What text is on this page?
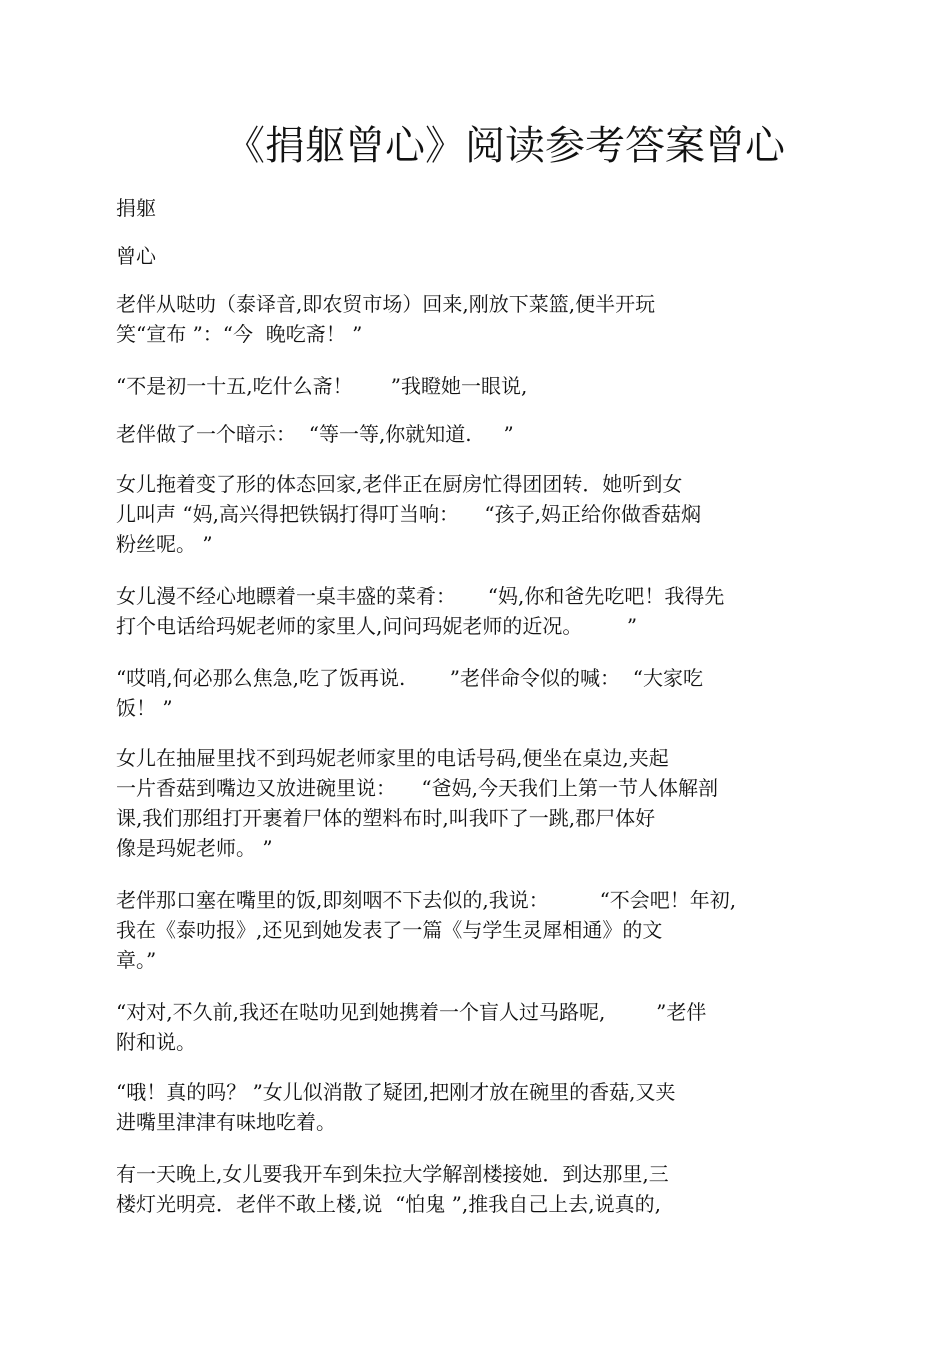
《捐躯曾心》阅读参考答案曾心
捐躯
曾心
老伴从哒叻（泰译音,即农贸市场）回来,刚放下菜篮,便半开玩
笑“宣布 ”：“今  晚吃斋！ ”
“不是初一十五,吃什么斋！      ”我瞪她一眼说,
老伴做了一个暗示：  “等一等,你就知道.     ”
女儿拖着变了形的体态回家,老伴正在厨房忙得团团转．她听到女
儿叫声 “妈,高兴得把铁锅打得叮当响：    “孩子,妈正给你做香菇焖
粉丝呢。 ”
女儿漫不经心地瞟着一桌丰盛的菜肴：     “妈,你和爸先吃吧！我得先
打个电话给玛妮老师的家里人,问问玛妮老师的近况。       ”
“哎哨,何必那么焦急,吃了饭再说.       ”老伴命令似的喊：  “大家吃
饭！ ”
女儿在抽屉里找不到玛妮老师家里的电话号码,便坐在桌边,夹起
一片香菇到嘴边又放进碗里说：    “爸妈,今天我们上第一节人体解剖
课,我们那组打开裹着尸体的塑料布时,叫我吓了一跳,郡尸体好
像是玛妮老师。 ”
老伴那口塞在嘴里的饭,即刻咽不下去似的,我说：        “不会吧！年初,
我在《泰叻报》,还见到她发表了一篇《与学生灵犀相通》的文
章。”
“对对,不久前,我还在哒叻见到她携着一个盲人过马路呢,        ”老伴
附和说。
“哦！真的吗？ ”女儿似消散了疑团,把刚才放在碗里的香菇,又夹
进嘴里津津有味地吃着。
有一天晚上,女儿要我开车到朱拉大学解剖楼接她．到达那里,三
楼灯光明亮．老伴不敢上楼,说  “怕鬼 ”,推我自己上去,说真的,
